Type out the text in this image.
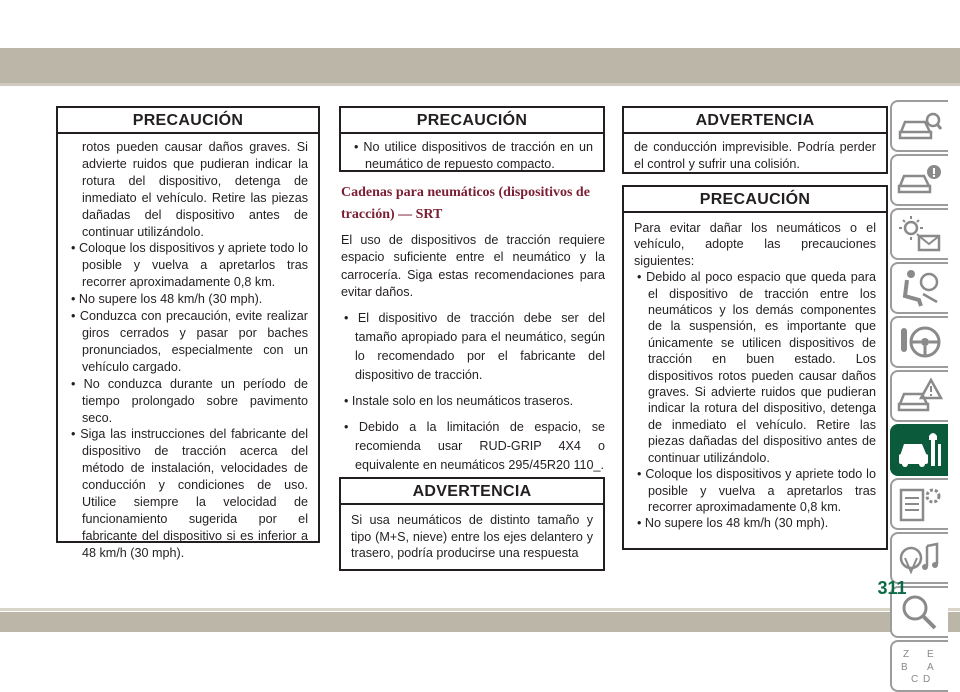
PRECAUCIÓN

rotos pueden causar daños graves. Si advierte ruidos que pudieran indicar la rotura del dispositivo, detenga de inmediato el vehículo. Retire las piezas dañadas del dispositivo antes de continuar utilizándolo.

• Coloque los dispositivos y apriete todo lo posible y vuelva a apretarlos tras recorrer aproximadamente 0,8 km.

• No supere los 48 km/h (30 mph).

• Conduzca con precaución, evite realizar giros cerrados y pasar por baches pronunciados, especialmente con un vehículo cargado.

• No conduzca durante un período de tiempo prolongado sobre pavimento seco.

• Siga las instrucciones del fabricante del dispositivo de tracción acerca del método de instalación, velocidades de conducción y condiciones de uso. Utilice siempre la velocidad de funcionamiento sugerida por el fabricante del dispositivo si es inferior a 48 km/h (30 mph).

PRECAUCIÓN

• No utilice dispositivos de tracción en un neumático de repuesto compacto.

Cadenas para neumáticos (dispositivos de tracción) — SRT

El uso de dispositivos de tracción requiere espacio suficiente entre el neumático y la carrocería. Siga estas recomendaciones para evitar daños.

• El dispositivo de tracción debe ser del tamaño apropiado para el neumático, según lo recomendado por el fabricante del dispositivo de tracción.

• Instale solo en los neumáticos traseros.

• Debido a la limitación de espacio, se recomienda usar RUD-GRIP 4X4 o equivalente en neumáticos 295/45R20 110_.

ADVERTENCIA

Si usa neumáticos de distinto tamaño y tipo (M+S, nieve) entre los ejes delantero y trasero, podría producirse una respuesta

ADVERTENCIA

de conducción imprevisible. Podría perder el control y sufrir una colisión.

PRECAUCIÓN

Para evitar dañar los neumáticos o el vehículo, adopte las precauciones siguientes:

• Debido al poco espacio que queda para el dispositivo de tracción entre los neumáticos y los demás componentes de la suspensión, es importante que únicamente se utilicen dispositivos de tracción en buen estado. Los dispositivos rotos pueden causar daños graves. Si advierte ruidos que pudieran indicar la rotura del dispositivo, detenga de inmediato el vehículo. Retire las piezas dañadas del dispositivo antes de continuar utilizándolo.

• Coloque los dispositivos y apriete todo lo posible y vuelva a apretarlos tras recorrer aproximadamente 0,8 km.

• No supere los 48 km/h (30 mph).

Z E
B A
C D
311
